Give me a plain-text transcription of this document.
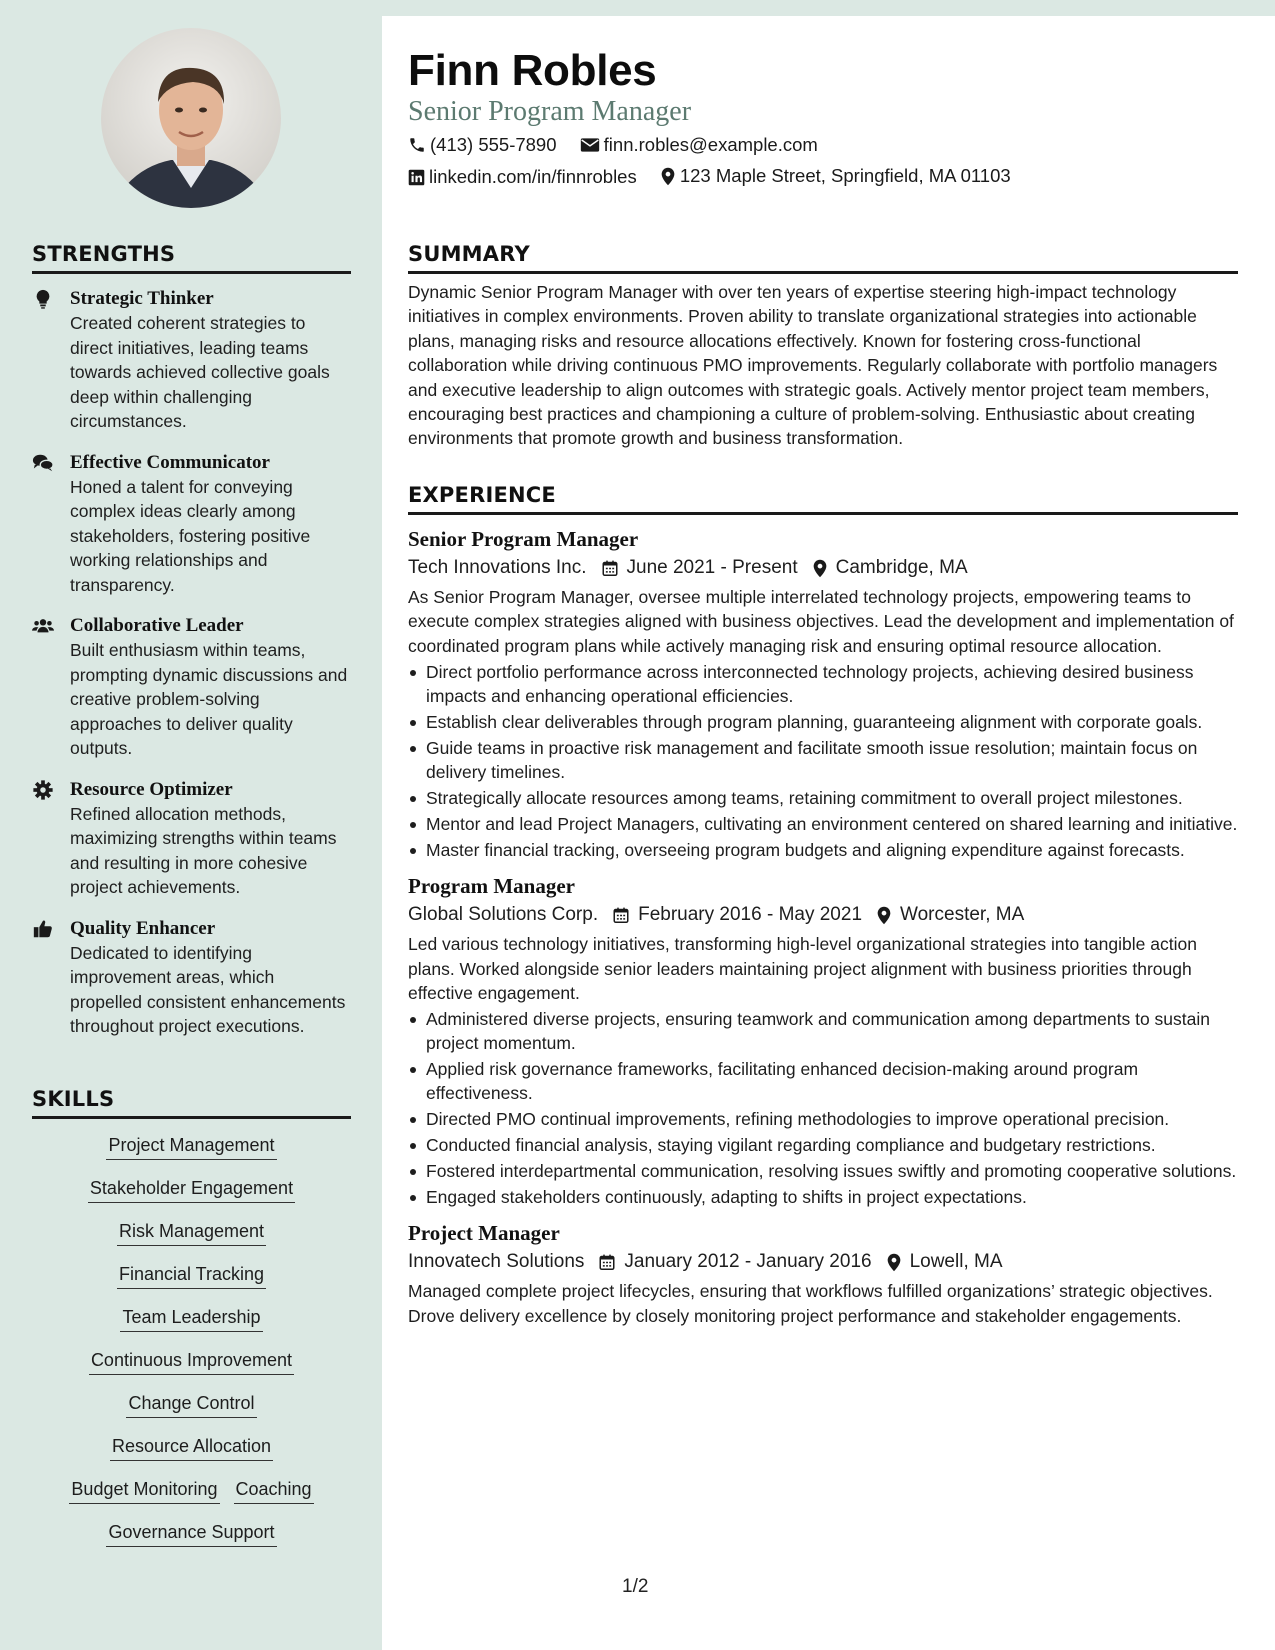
STRENGTHS
Strategic Thinker
Created coherent strategies to direct initiatives, leading teams towards achieved collective goals deep within challenging circumstances.
Effective Communicator
Honed a talent for conveying complex ideas clearly among stakeholders, fostering positive working relationships and transparency.
Collaborative Leader
Built enthusiasm within teams, prompting dynamic discussions and creative problem-solving approaches to deliver quality outputs.
Resource Optimizer
Refined allocation methods, maximizing strengths within teams and resulting in more cohesive project achievements.
Quality Enhancer
Dedicated to identifying improvement areas, which propelled consistent enhancements throughout project executions.
SKILLS
Project Management
Stakeholder Engagement
Risk Management
Financial Tracking
Team Leadership
Continuous Improvement
Change Control
Resource Allocation
Budget Monitoring Coaching
Governance Support
Finn Robles
Senior Program Manager
(413) 555-7890
	finn.robles@example.com
linkedin.com/in/finnrobles
123 Maple Street, Springfield, MA 01103
SUMMARY
Dynamic Senior Program Manager with over ten years of expertise steering high-impact technology initiatives in complex environments. Proven ability to translate organizational strategies into actionable plans, managing risks and resource allocations effectively. Known for fostering cross-functional collaboration while driving continuous PMO improvements. Regularly collaborate with portfolio managers and executive leadership to align outcomes with strategic goals. Actively mentor project team members, encouraging best practices and championing a culture of problem-solving. Enthusiastic about creating environments that promote growth and business transformation.
EXPERIENCE
Senior Program Manager
Tech Innovations Inc. June 2021 - Present Cambridge, MA
As Senior Program Manager, oversee multiple interrelated technology projects, empowering teams to execute complex strategies aligned with business objectives. Lead the development and implementation of coordinated program plans while actively managing risk and ensuring optimal resource allocation.
Direct portfolio performance across interconnected technology projects, achieving desired business impacts and enhancing operational efficiencies.
Establish clear deliverables through program planning, guaranteeing alignment with corporate goals.
Guide teams in proactive risk management and facilitate smooth issue resolution; maintain focus on delivery timelines.
Strategically allocate resources among teams, retaining commitment to overall project milestones.
Mentor and lead Project Managers, cultivating an environment centered on shared learning and initiative.
Master financial tracking, overseeing program budgets and aligning expenditure against forecasts.
Program Manager
Global Solutions Corp. February 2016 - May 2021 Worcester, MA
Led various technology initiatives, transforming high-level organizational strategies into tangible action plans. Worked alongside senior leaders maintaining project alignment with business priorities through effective engagement.
Administered diverse projects, ensuring teamwork and communication among departments to sustain project momentum.
Applied risk governance frameworks, facilitating enhanced decision-making around program effectiveness.
Directed PMO continual improvements, refining methodologies to improve operational precision.
Conducted financial analysis, staying vigilant regarding compliance and budgetary restrictions.
Fostered interdepartmental communication, resolving issues swiftly and promoting cooperative solutions.
Engaged stakeholders continuously, adapting to shifts in project expectations.
Project Manager
Innovatech Solutions January 2012 - January 2016 Lowell, MA
Managed complete project lifecycles, ensuring that workflows fulfilled organizations’ strategic objectives. Drove delivery excellence by closely monitoring project performance and stakeholder engagements.
1/2
